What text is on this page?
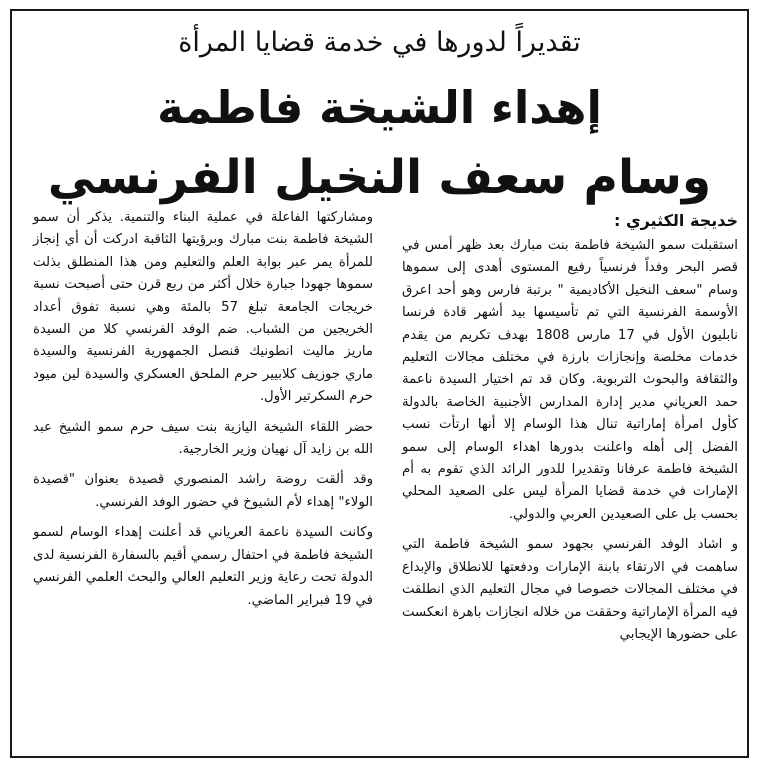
تقديراً لدورها في خدمة قضايا المرأة
إهداء الشيخة فاطمة
وسام سعف النخيل الفرنسي
خديجة الكثيري :

استقبلت سمو الشيخة فاطمة بنت مبارك بعد ظهر أمس في قصر البحر وفداً فرنسياً رفيع المستوى أهدى إلى سموها وسام "سعف النخيل الأكاديمية " برتبة فارس وهو أحد اعرق الأوسمة الفرنسية التي تم تأسيسها بيد أشهر قادة فرنسا نابليون الأول في 17 مارس 1808 بهدف تكريم من يقدم خدمات مخلصة وإنجازات بارزة في مختلف مجالات التعليم والثقافة والبحوث التربوية. وكان قد تم اختيار السيدة ناعمة حمد العرياني مدير إدارة المدارس الأجنبية الخاصة بالدولة كأول امرأة إماراتية تنال هذا الوسام إلا أنها ارتأت نسب الفضل إلى أهله واعلنت بدورها اهداء الوسام إلى سمو الشيخة فاطمة عرفانا وتقديرا للدور الرائد الذي تقوم به أم الإمارات في خدمة قضايا المرأة ليس على الصعيد المحلي بحسب بل على الصعيدين العربي والدولي.

و اشاد الوفد الفرنسي بجهود سمو الشيخة فاطمة التي ساهمت في الارتقاء بابنة الإمارات ودفعتها للانطلاق والإبداع في مختلف المجالات خصوصا في مجال التعليم الذي انطلقت فيه المرأة الإماراتية وحققت من خلاله انجازات باهرة انعكست على حضورها الإيجابي

ومشاركتها الفاعلة في عملية البناء والتنمية. يذكر أن سمو الشيخة فاطمة بنت مبارك وبرؤيتها الثاقبة ادركت أن أي إنجاز للمرأة يمر عبر بوابة العلم والتعليم ومن هذا المنطلق بذلت سموها جهودا جبارة خلال أكثر من ربع قرن حتى أصبحت نسبة خريجات الجامعة تبلغ 57 بالمئة وهي نسبة تفوق أعداد الخريجين من الشباب. ضم الوفد الفرنسي كلا من السيدة ماريز ماليت انطونيك قنصل الجمهورية الفرنسية والسيدة ماري جوزيف كلابيير حرم الملحق العسكري والسيدة لين ميود حرم السكرتير الأول.

حضر اللقاء الشيخة اليازية بنت سيف حرم سمو الشيخ عبد الله بن زايد آل نهيان وزير الخارجية.

وقد ألقت روضة راشد المنصوري قصيدة بعنوان "قصيدة الولاء" إهداء لأم الشيوخ في حضور الوفد الفرنسي.

وكانت السيدة ناعمة العرياني قد أعلنت إهداء الوسام لسمو الشيخة فاطمة في احتفال رسمي أقيم بالسفارة الفرنسية لدى الدولة تحت رعاية وزير التعليم العالي والبحث العلمي الفرنسي في 19 فبراير الماضي.
